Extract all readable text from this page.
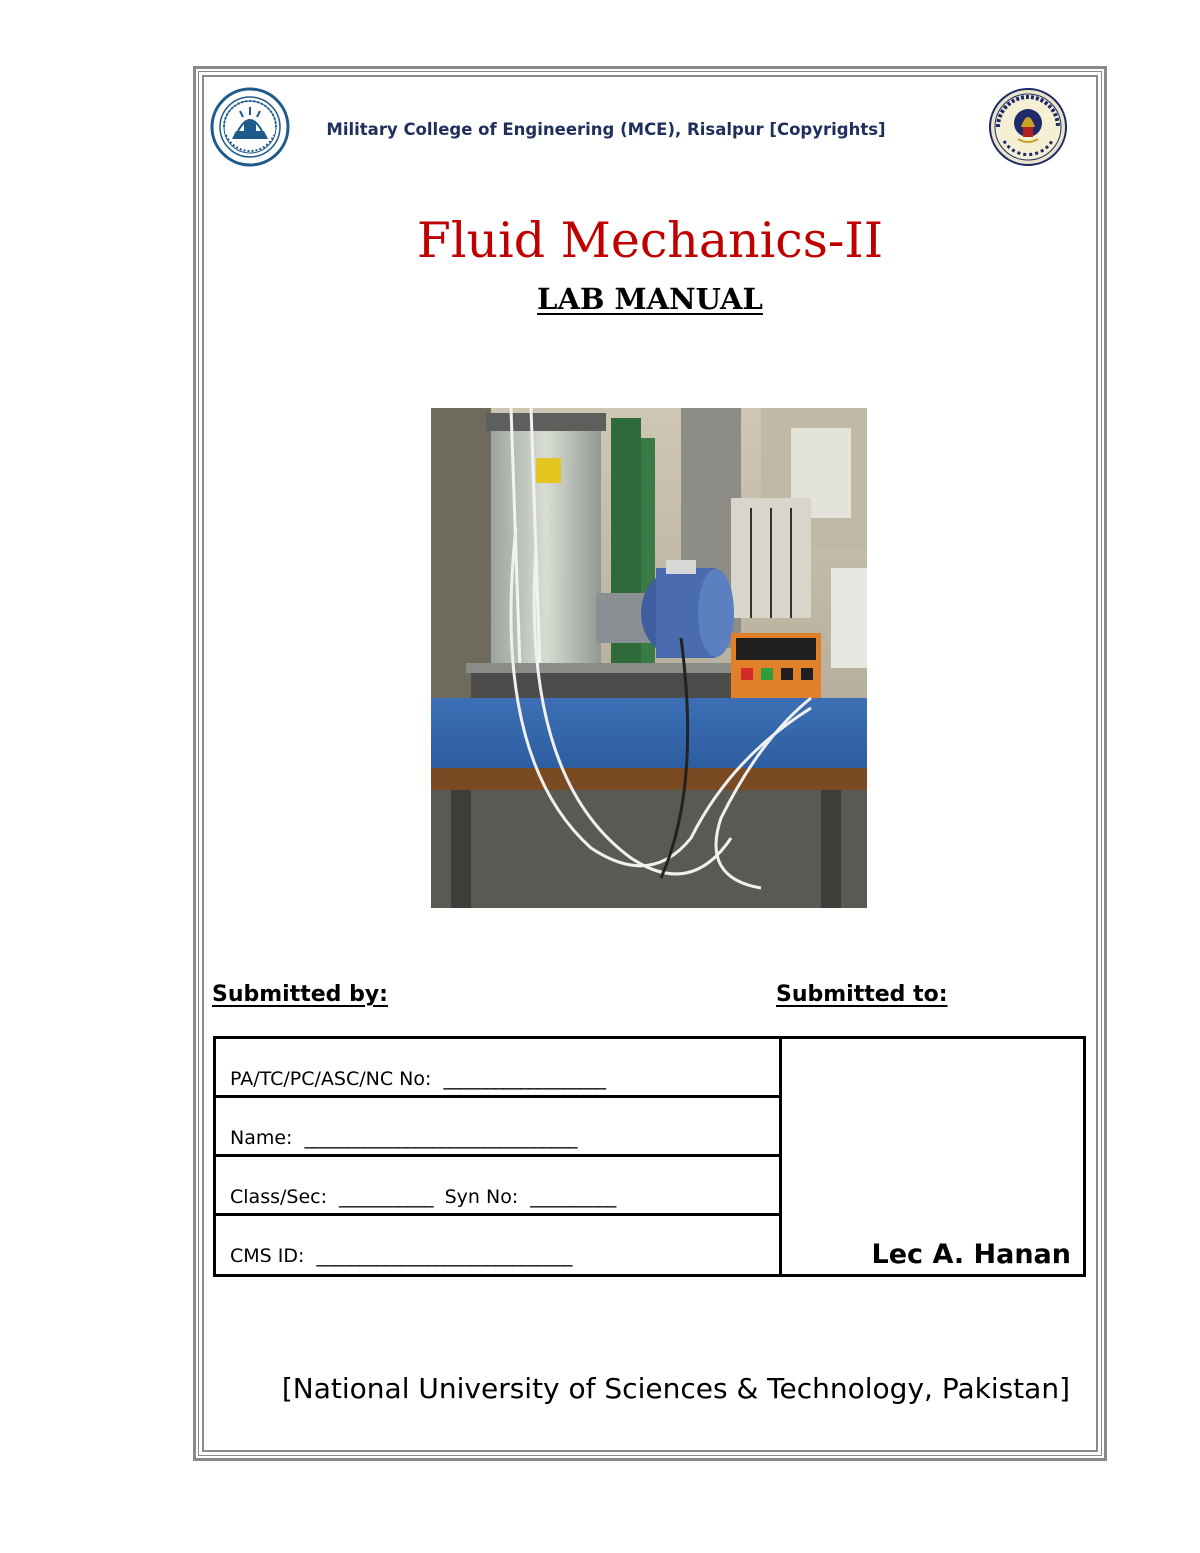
Military College of Engineering (MCE), Risalpur [Copyrights]
Fluid Mechanics-II
LAB MANUAL
Submitted by:	Submitted to:
PA/TC/PC/ASC/NC No: ___________________
Name: ________________________________
Class/Sec: ___________ Syn No: __________
CMS ID: ______________________________	Lec A. Hanan
[National University of Sciences & Technology, Pakistan]
